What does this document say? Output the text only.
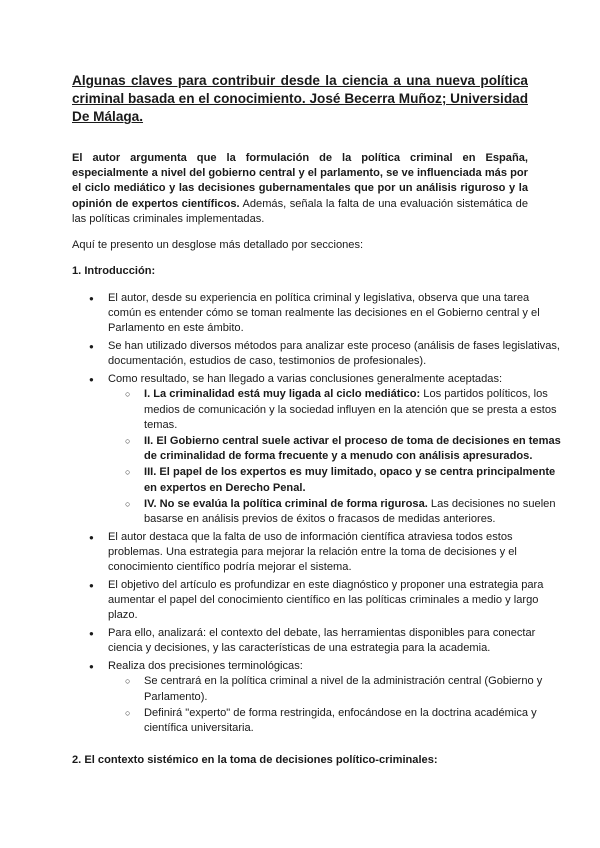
Algunas claves para contribuir desde la ciencia a una nueva política criminal basada en el conocimiento. José Becerra Muñoz; Universidad De Málaga.
El autor argumenta que la formulación de la política criminal en España, especialmente a nivel del gobierno central y el parlamento, se ve influenciada más por el ciclo mediático y las decisiones gubernamentales que por un análisis riguroso y la opinión de expertos científicos. Además, señala la falta de una evaluación sistemática de las políticas criminales implementadas.
Aquí te presento un desglose más detallado por secciones:
1. Introducción:
● El autor, desde su experiencia en política criminal y legislativa, observa que una tarea común es entender cómo se toman realmente las decisiones en el Gobierno central y el Parlamento en este ámbito.
● Se han utilizado diversos métodos para analizar este proceso (análisis de fases legislativas, documentación, estudios de caso, testimonios de profesionales).
● Como resultado, se han llegado a varias conclusiones generalmente aceptadas:
○ I. La criminalidad está muy ligada al ciclo mediático: Los partidos políticos, los medios de comunicación y la sociedad influyen en la atención que se presta a estos temas.
○ II. El Gobierno central suele activar el proceso de toma de decisiones en temas de criminalidad de forma frecuente y a menudo con análisis apresurados.
○ III. El papel de los expertos es muy limitado, opaco y se centra principalmente en expertos en Derecho Penal.
○ IV. No se evalúa la política criminal de forma rigurosa. Las decisiones no suelen basarse en análisis previos de éxitos o fracasos de medidas anteriores.
● El autor destaca que la falta de uso de información científica atraviesa todos estos problemas. Una estrategia para mejorar la relación entre la toma de decisiones y el conocimiento científico podría mejorar el sistema.
● El objetivo del artículo es profundizar en este diagnóstico y proponer una estrategia para aumentar el papel del conocimiento científico en las políticas criminales a medio y largo plazo.
● Para ello, analizará: el contexto del debate, las herramientas disponibles para conectar ciencia y decisiones, y las características de una estrategia para la academia.
● Realiza dos precisiones terminológicas:
○ Se centrará en la política criminal a nivel de la administración central (Gobierno y Parlamento).
○ Definirá "experto" de forma restringida, enfocándose en la doctrina académica y científica universitaria.
2. El contexto sistémico en la toma de decisiones político-criminales:
